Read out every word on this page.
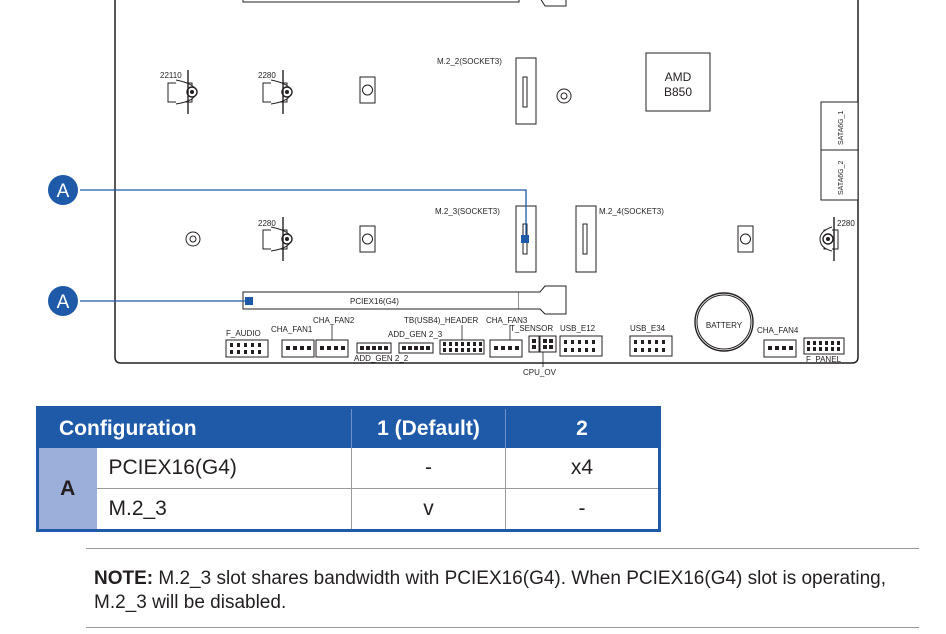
22110	2280
M.2_2(SOCKET3)
AMD
B850
SATA6G_1
SATA6G_2
2280	2280
M.2_3(SOCKET3)	M.2_4(SOCKET3)
PCIEX16(G4)
A
A
BATTERY
F_AUDIO CHA_FAN1
CHA_FAN2
ADD_GEN 2_2
ADD_GEN 2_3
TB(USB4)_HEADER CHA_FAN3
T_SENSOR
CPU_OV
USB_E12	USB_E34	CHA_FAN4
F_PANEL
Configuration		1 (Default)	2
A	PCIEX16(G4)	-	x4
	M.2_3	v	-
NOTE: M.2_3 slot shares bandwidth with PCIEX16(G4). When PCIEX16(G4) slot is operating, M.2_3 will be disabled.
